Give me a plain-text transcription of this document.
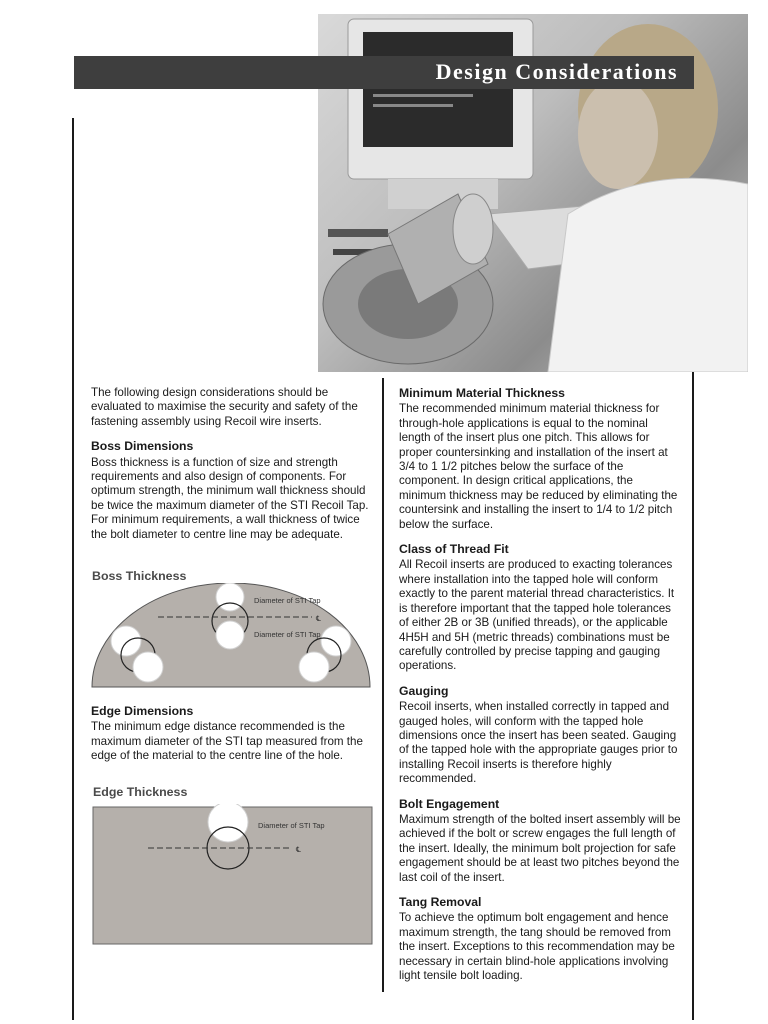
Design Considerations

The following design considerations should be evaluated to maximise the security and safety of the fastening assembly using Recoil wire inserts.

Boss Dimensions

Boss thickness is a function of size and strength requirements and also design of components. For optimum strength, the minimum wall thickness should be twice the maximum diameter of the STI Recoil Tap. For minimum requirements, a wall thickness of twice the bolt diameter to centre line may be adequate.

Boss Thickness
℄
Diameter of STI Tap
Diameter of STI Tap
Edge Dimensions

The minimum edge distance recommended is the maximum diameter of the STI tap measured from the edge of the material to the centre line of the hole.

Edge Thickness
℄
Diameter of STI Tap
Minimum Material Thickness

The recommended minimum material thickness for through-hole applications is equal to the nominal length of the insert plus one pitch. This allows for proper countersinking and installation of the insert at 3/4 to 1 1/2 pitches below the surface of the component. In design critical applications, the minimum thickness may be reduced by eliminating the countersink and installing the insert to 1/4 to 1/2 pitch below the surface.

Class of Thread Fit

All Recoil inserts are produced to exacting tolerances where installation into the tapped hole will conform exactly to the parent material thread characteristics. It is therefore important that the tapped hole tolerances of either 2B or 3B (unified threads), or the applicable 4H5H and 5H (metric threads) combinations must be carefully controlled by precise tapping and gauging operations.

Gauging

Recoil inserts, when installed correctly in tapped and gauged holes, will conform with the tapped hole dimensions once the insert has been seated. Gauging of the tapped hole with the appropriate gauges prior to installing Recoil inserts is therefore highly recommended.

Bolt Engagement

Maximum strength of the bolted insert assembly will be achieved if the bolt or screw engages the full length of the insert. Ideally, the minimum bolt projection for safe engagement should be at least two pitches beyond the last coil of the insert.

Tang Removal

To achieve the optimum bolt engagement and hence maximum strength, the tang should be removed from the insert. Exceptions to this recommendation may be necessary in certain blind-hole applications involving light tensile bolt loading.
